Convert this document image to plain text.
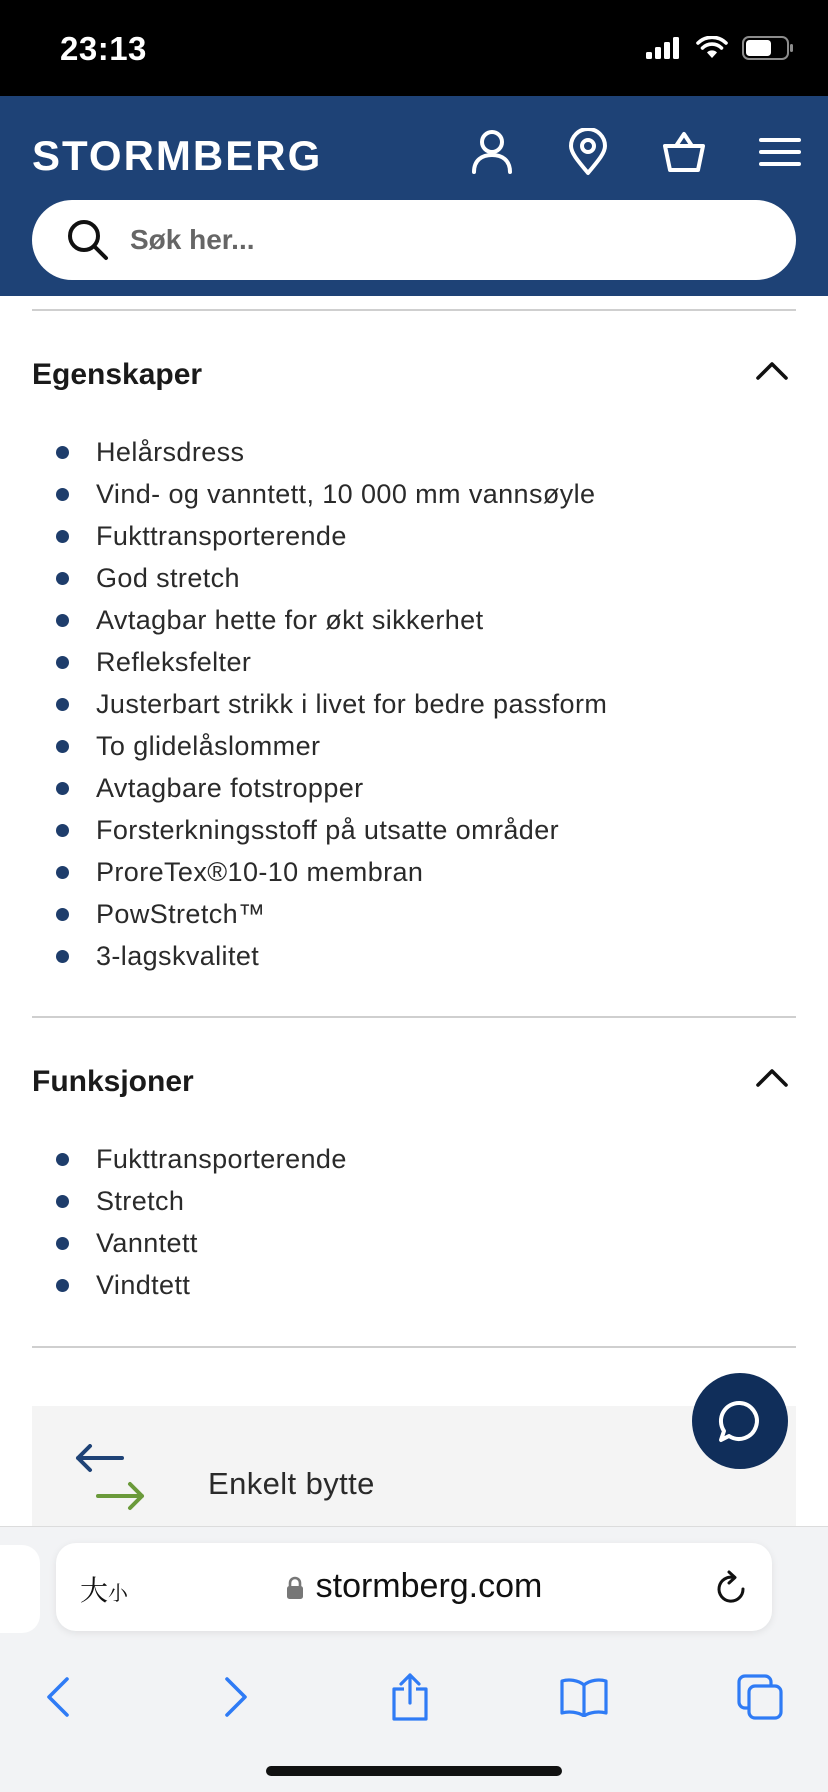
23:13
STORMBERG
Søk her...
Egenskaper
Helårsdress
Vind- og vanntett, 10 000 mm vannsøyle
Fukttransporterende
God stretch
Avtagbar hette for økt sikkerhet
Refleksfelter
Justerbart strikk i livet for bedre passform
To glidelåslommer
Avtagbare fotstropper
Forsterkningsstoff på utsatte områder
ProreTex®10-10 membran
PowStretch™
3-lagskvalitet
Funksjoner
Fukttransporterende
Stretch
Vanntett
Vindtett
Enkelt bytte
大小	stormberg.com
